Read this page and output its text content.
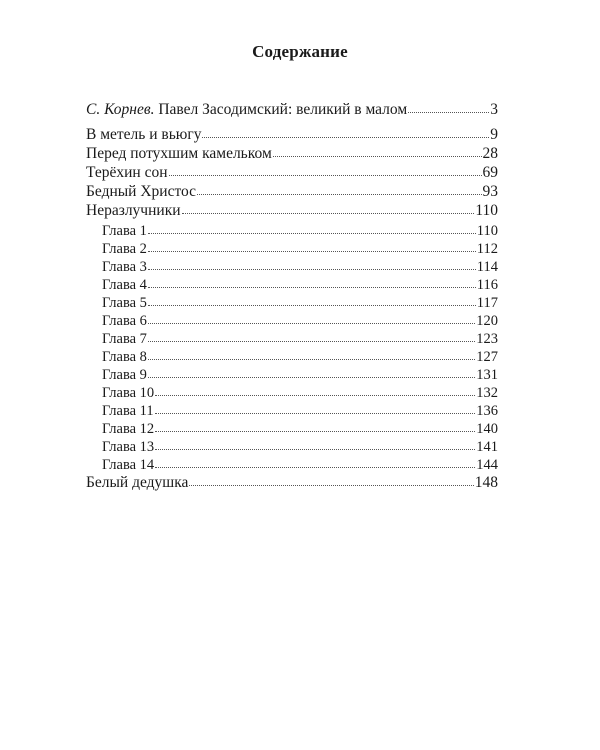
Содержание
С. Корнев. Павел Засодимский: великий в малом	3
В метель и вьюгу	9
Перед потухшим камельком	28
Терёхин сон	69
Бедный Христос	93
Неразлучники	110
Глава 1	110
Глава 2	112
Глава 3	114
Глава 4	116
Глава 5	117
Глава 6	120
Глава 7	123
Глава 8	127
Глава 9	131
Глава 10	132
Глава 11	136
Глава 12	140
Глава 13	141
Глава 14	144
Белый дедушка	148
